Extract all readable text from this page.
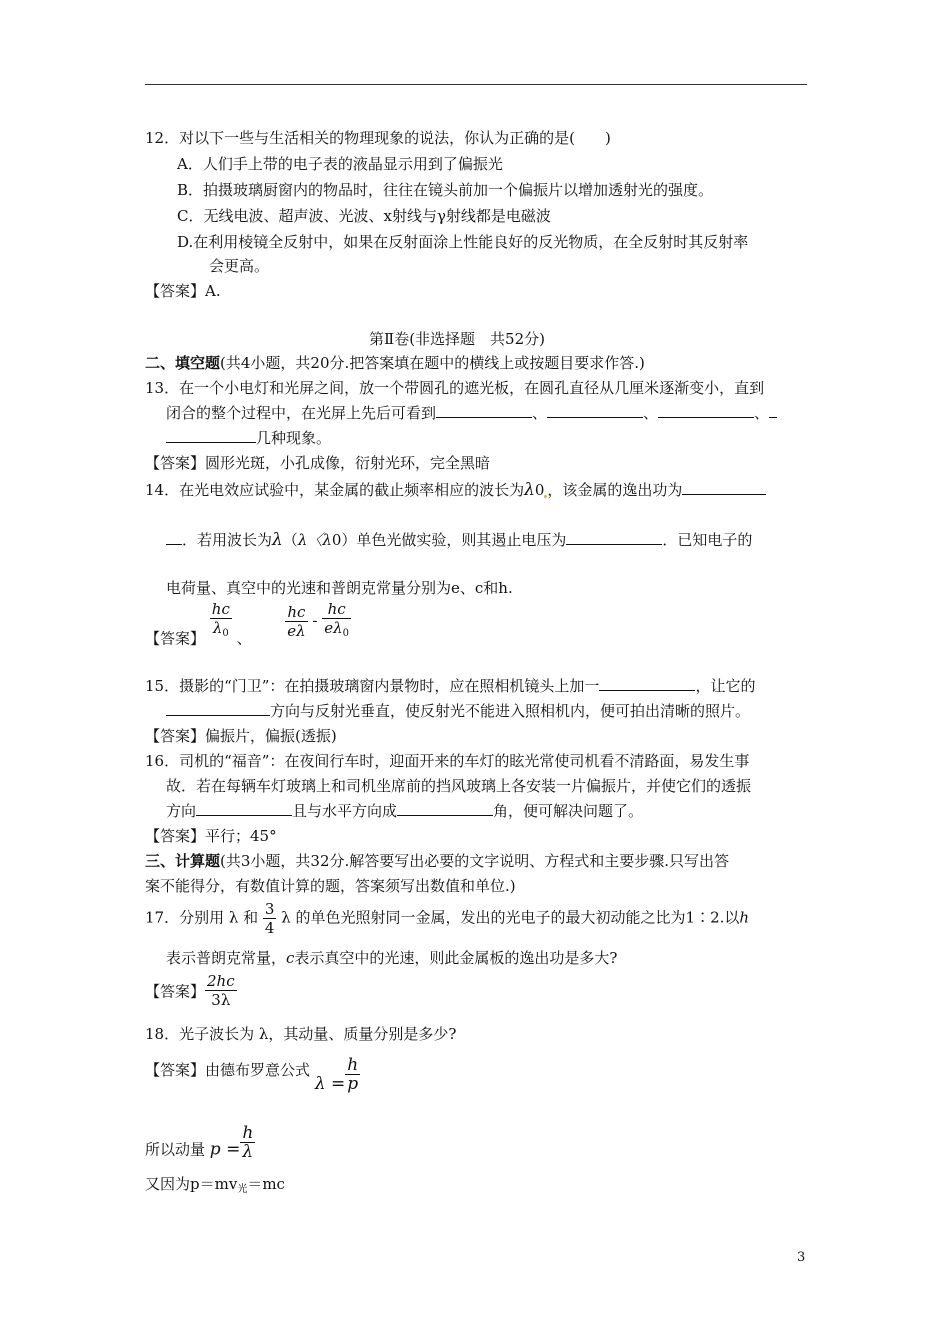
12．对以下一些与生活相关的物理现象的说法，你认为正确的是(　　)
A．人们手上带的电子表的液晶显示用到了偏振光
B．拍摄玻璃厨窗内的物品时，往往在镜头前加一个偏振片以增加透射光的强度。
C．无线电波、超声波、光波、x射线与γ射线都是电磁波
D.在利用棱镜全反射中，如果在反射面涂上性能良好的反光物质，在全反射时其反射率
会更高。
【答案】A.
第Ⅱ卷(非选择题　共52分)
二、填空题(共4小题，共20分.把答案填在题中的横线上或按题目要求作答.)
13．在一个小电灯和光屏之间，放一个带圆孔的遮光板，在圆孔直径从几厘米逐渐变小，直到
闭合的整个过程中，在光屏上先后可看到	、	、	、
几种现象。
【答案】圆形光斑，小孔成像，衍射光环，完全黑暗
14．在光电效应试验中，某金属的截止频率相应的波长为λ0 ，该金属的逸出功为
．若用波长为λ（λ〈λ0）单色光做实验，则其遏止电压为	．已知电子的
电荷量、真空中的光速和普朗克常量分别为e、c和h.
【答案】 $\frac{hc}{\lambda_0}$ 、 $\frac{hc}{e\lambda} - \frac{hc}{e\lambda_0}$
15．摄影的“门卫”：在拍摄玻璃窗内景物时，应在照相机镜头上加一	，让它的
方向与反射光垂直，使反射光不能进入照相机内，便可拍出清晰的照片。
【答案】偏振片，偏振(透振)
16．司机的“福音”：在夜间行车时，迎面开来的车灯的眩光常使司机看不清路面，易发生事
故．若在每辆车灯玻璃上和司机坐席前的挡风玻璃上各安装一片偏振片，并使它们的透振
方向	且与水平方向成	角，便可解决问题了。
【答案】平行；45°
三、计算题(共3小题，共32分.解答要写出必要的文字说明、方程式和主要步骤.只写出答
案不能得分，有数值计算的题，答案须写出数值和单位.)
17．分别用 λ 和 $\frac{3}{4}$ λ 的单色光照射同一金属，发出的光电子的最大初动能之比为1∶2.以h
表示普朗克常量，c表示真空中的光速，则此金属板的逸出功是多大?
【答案】 $\frac{2hc}{3\lambda}$
18．光子波长为 λ，其动量、质量分别是多少?
【答案】由德布罗意公式 $\lambda = \frac{h}{p}$
所以动量 $p = \frac{h}{\lambda}$
又因为$p=mv_光=mc$
3
